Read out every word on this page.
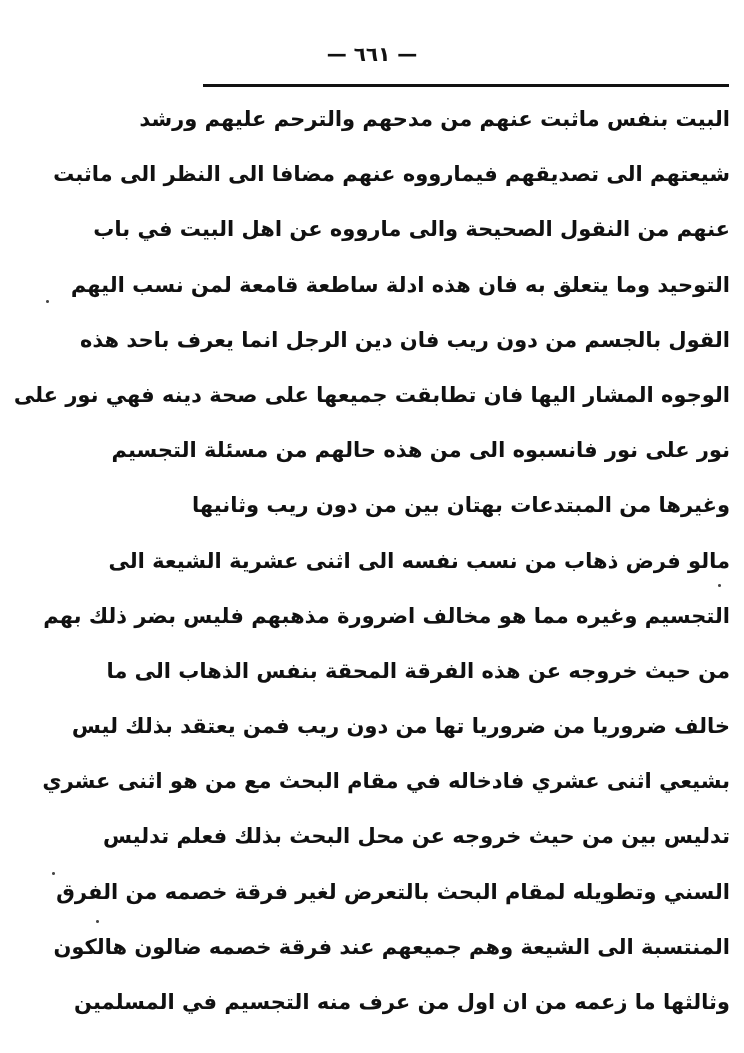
— ٦٦١ —
البيت بنفس ماثبت عنهم من مدحهم والترحم عليهم ورشد
شيعتهم الى تصديقهم فيمارووه عنهم مضافا الى النظر الى ماثبت
عنهم من النقول الصحيحة والى مارووه عن اهل البيت في باب
التوحيد وما يتعلق به فان هذه ادلة ساطعة قامعة لمن نسب اليهم
القول بالجسم من دون ريب فان دين الرجل انما يعرف باحد هذه
الوجوه المشار اليها فان تطابقت جميعها على صحة دينه فهي نور على
نور على نور فانسبوه الى من هذه حالهم من مسئلة التجسيم
وغيرها من المبتدعات بهتان بين من دون ريب وثانيها
مالو فرض ذهاب من نسب نفسه الى اثنى عشرية الشيعة الى
التجسيم وغيره مما هو مخالف اضرورة مذهبهم فليس بضر ذلك بهم
من حيث خروجه عن هذه الفرقة المحقة بنفس الذهاب الى ما
خالف ضروريا من ضروريا تها من دون ريب فمن يعتقد بذلك ليس
بشيعي اثنى عشري فادخاله في مقام البحث مع من هو اثنى عشري
تدليس بين من حيث خروجه عن محل البحث بذلك فعلم تدليس
السني وتطويله لمقام البحث بالتعرض لغير فرقة خصمه من الفرق
المنتسبة الى الشيعة وهم جميعهم عند فرقة خصمه ضالون هالكون
وثالثها ما زعمه من ان اول من عرف منه التجسيم في المسلمين
